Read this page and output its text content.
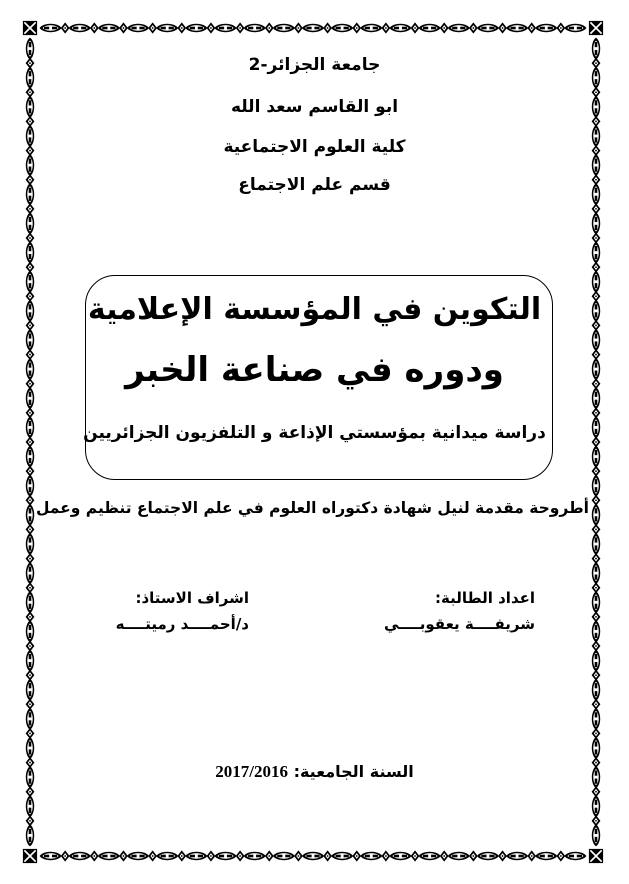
جامعة الجزائر-2
ابو القاسم سعد الله
كلية العلوم الاجتماعية
قسم علم الاجتماع
التكوين في المؤسسة الإعلامية
ودوره في صناعة الخبر
دراسة ميدانية بمؤسستي الإذاعة و التلفزيون الجزائريين
أطروحة مقدمة لنيل شهادة دكتوراه العلوم في علم الاجتماع تنظيم وعمل
اعداد الطالبة:
شريفــــة يعقوبــــي
اشراف الاستاذ:
د/أحمــــد رميتــــه
السنة الجامعية: 2017/2016
